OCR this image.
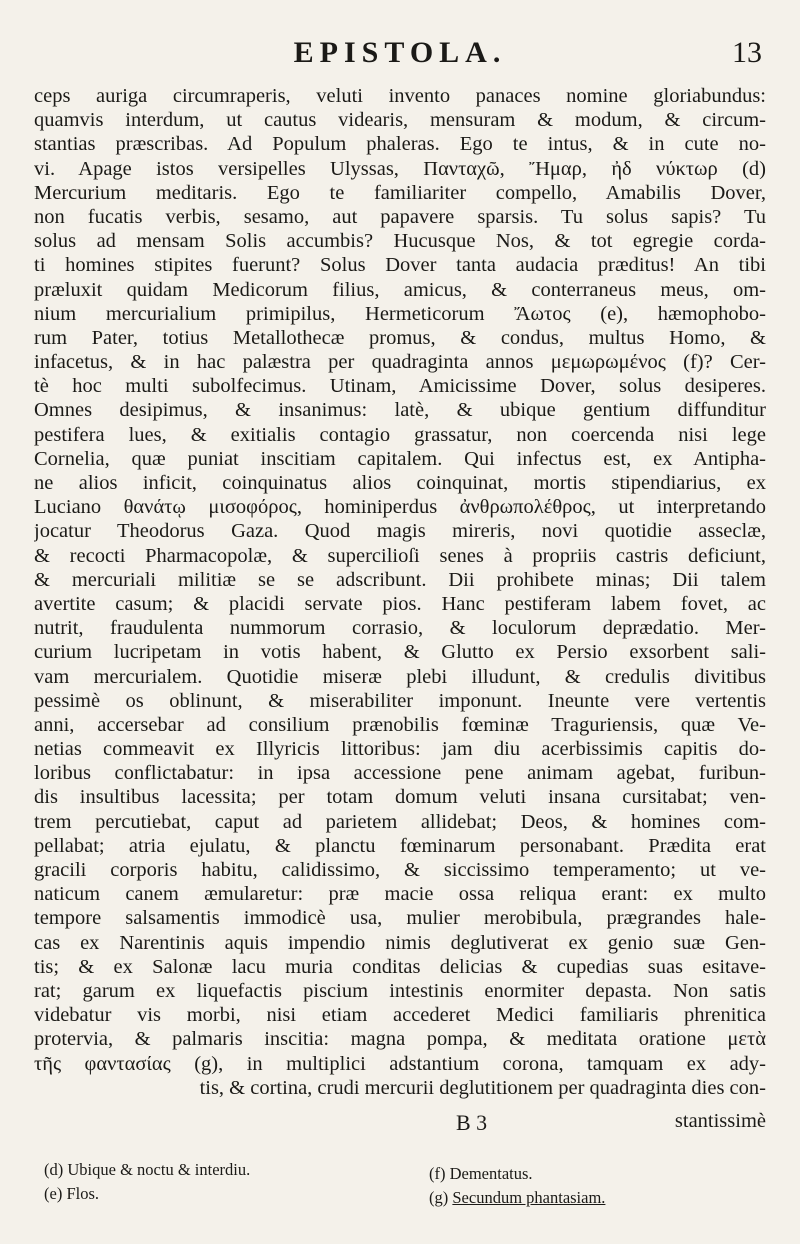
EPISTOLA.	13
ceps auriga circumraperis, veluti invento panaces nomine gloriabundus:
quamvis interdum, ut cautus videaris, mensuram & modum, & circum-
stantias præscribas. Ad Populum phaleras. Ego te intus, & in cute no-
vi. Apage istos versipelles Ulyssas, Πανταχῶ, Ἤμαρ, ἠδ νύκτωρ (d)
Mercurium meditaris. Ego te familiariter compello, Amabilis Dover,
non fucatis verbis, sesamo, aut papavere sparsis. Tu solus sapis? Tu
solus ad mensam Solis accumbis? Hucusque Nos, & tot egregie corda-
ti homines stipites fuerunt? Solus Dover tanta audacia præditus! An tibi
præluxit quidam Medicorum filius, amicus, & conterraneus meus, om-
nium mercurialium primipilus, Hermeticorum Ἄωτος (e), hæmophobo-
rum Pater, totius Metallothecæ promus, & condus, multus Homo, &
infacetus, & in hac palæstra per quadraginta annos μεμωρωμένος (f)? Cer-
tè hoc multi subolfecimus. Utinam, Amicissime Dover, solus desiperes.
Omnes desipimus, & insanimus: latè, & ubique gentium diffunditur
pestifera lues, & exitialis contagio grassatur, non coercenda nisi lege
Cornelia, quæ puniat inscitiam capitalem. Qui infectus est, ex Antipha-
ne alios inficit, coinquinatus alios coinquinat, mortis stipendiarius, ex
Luciano θανάτῳ μισοφόρος, hominiperdus ἀνθρωπολέθρος, ut interpretando
jocatur Theodorus Gaza. Quod magis mireris, novi quotidie asseclæ,
& recocti Pharmacopolæ, & supercilioſi senes à propriis castris deficiunt,
& mercuriali militiæ se se adscribunt. Dii prohibete minas; Dii talem
avertite casum; & placidi servate pios. Hanc pestiferam labem fovet, ac
nutrit, fraudulenta nummorum corrasio, & loculorum deprædatio. Mer-
curium lucripetam in votis habent, & Glutto ex Persio exsorbent sali-
vam mercurialem. Quotidie miseræ plebi illudunt, & credulis divitibus
pessimè os oblinunt, & miserabiliter imponunt. Ineunte vere vertentis
anni, accersebar ad consilium prænobilis fœminæ Traguriensis, quæ Ve-
netias commeavit ex Illyricis littoribus: jam diu acerbissimis capitis do-
loribus conflictabatur: in ipsa accessione pene animam agebat, furibun-
dis insultibus lacessita; per totam domum veluti insana cursitabat; ven-
trem percutiebat, caput ad parietem allidebat; Deos, & homines com-
pellabat; atria ejulatu, & planctu fœminarum personabant. Prædita erat
gracili corporis habitu, calidissimo, & siccissimo temperamento; ut ve-
naticum canem æmularetur: præ macie ossa reliqua erant: ex multo
tempore salsamentis immodicè usa, mulier merobibula, prægrandes hale-
cas ex Narentinis aquis impendio nimis deglutiverat ex genio suæ Gen-
tis; & ex Salonæ lacu muria conditas delicias & cupedias suas esitave-
rat; garum ex liquefactis piscium intestinis enormiter depasta. Non satis
videbatur vis morbi, nisi etiam accederet Medici familiaris phrenitica
protervia, & palmaris inscitia: magna pompa, & meditata oratione μετὰ
τῆς φαντασίας (g), in multiplici adstantium corona, tamquam ex ady-
tis, & cortina, crudi mercurii deglutitionem per quadraginta dies con-
B 3	stantissimè
(d) Ubique & noctu & interdiu.
(e) Flos.
(f) Dementatus.
(g) Secundum phantasiam.
